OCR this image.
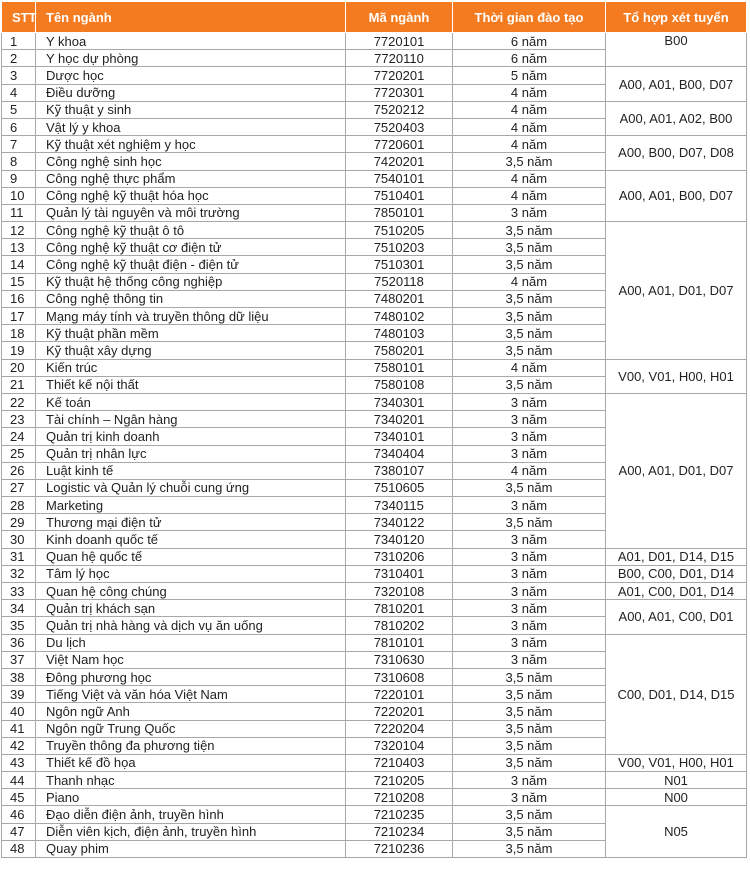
STT	Tên ngành	Mã ngành	Thời gian đào tạo	Tổ hợp xét tuyển
1	Y khoa	7720101	6 năm	B00
2	Y học dự phòng	7720110	6 năm	
3	Dược học	7720201	5 năm	A00, A01, B00, D07
4	Điều dưỡng	7720301	4 năm	
5	Kỹ thuật y sinh	7520212	4 năm	A00, A01, A02, B00
6	Vật lý y khoa	7520403	4 năm	
7	Kỹ thuật xét nghiệm y học	7720601	4 năm	A00, B00, D07, D08
8	Công nghệ sinh học	7420201	3,5 năm	
9	Công nghệ thực phẩm	7540101	4 năm	A00, A01, B00, D07
10	Công nghệ kỹ thuật hóa học	7510401	4 năm	
11	Quản lý tài nguyên và môi trường	7850101	3 năm	
12	Công nghệ kỹ thuật ô tô	7510205	3,5 năm	A00, A01, D01, D07
13	Công nghệ kỹ thuật cơ điện tử	7510203	3,5 năm	
14	Công nghệ kỹ thuật điện - điện tử	7510301	3,5 năm	
15	Kỹ thuật hệ thống công nghiệp	7520118	4 năm	
16	Công nghệ thông tin	7480201	3,5 năm	
17	Mạng máy tính và truyền thông dữ liệu	7480102	3,5 năm	
18	Kỹ thuật phần mềm	7480103	3,5 năm	
19	Kỹ thuật xây dựng	7580201	3,5 năm	
20	Kiến trúc	7580101	4 năm	V00, V01, H00, H01
21	Thiết kế nội thất	7580108	3,5 năm	
22	Kế toán	7340301	3 năm	A00, A01, D01, D07
23	Tài chính – Ngân hàng	7340201	3 năm	
24	Quản trị kinh doanh	7340101	3 năm	
25	Quản trị nhân lực	7340404	3 năm	
26	Luật kinh tế	7380107	4 năm	
27	Logistic và Quản lý chuỗi cung ứng	7510605	3,5 năm	
28	Marketing	7340115	3 năm	
29	Thương mại điện tử	7340122	3,5 năm	
30	Kinh doanh quốc tế	7340120	3 năm	
31	Quan hệ quốc tế	7310206	3 năm	A01, D01, D14, D15
32	Tâm lý học	7310401	3 năm	B00, C00, D01, D14
33	Quan hệ công chúng	7320108	3 năm	A01, C00, D01, D14
34	Quản trị khách sạn	7810201	3 năm	A00, A01, C00, D01
35	Quản trị nhà hàng và dịch vụ ăn uống	7810202	3 năm	
36	Du lịch	7810101	3 năm	C00, D01, D14, D15
37	Việt Nam học	7310630	3 năm	
38	Đông phương học	7310608	3,5 năm	
39	Tiếng Việt và văn hóa Việt Nam	7220101	3,5 năm	
40	Ngôn ngữ Anh	7220201	3,5 năm	
41	Ngôn ngữ Trung Quốc	7220204	3,5 năm	
42	Truyền thông đa phương tiện	7320104	3,5 năm	
43	Thiết kế đồ họa	7210403	3,5 năm	V00, V01, H00, H01
44	Thanh nhạc	7210205	3 năm	N01
45	Piano	7210208	3 năm	N00
46	Đạo diễn điện ảnh, truyền hình	7210235	3,5 năm	N05
47	Diễn viên kịch, điện ảnh, truyền hình	7210234	3,5 năm	
48	Quay phim	7210236	3,5 năm	
